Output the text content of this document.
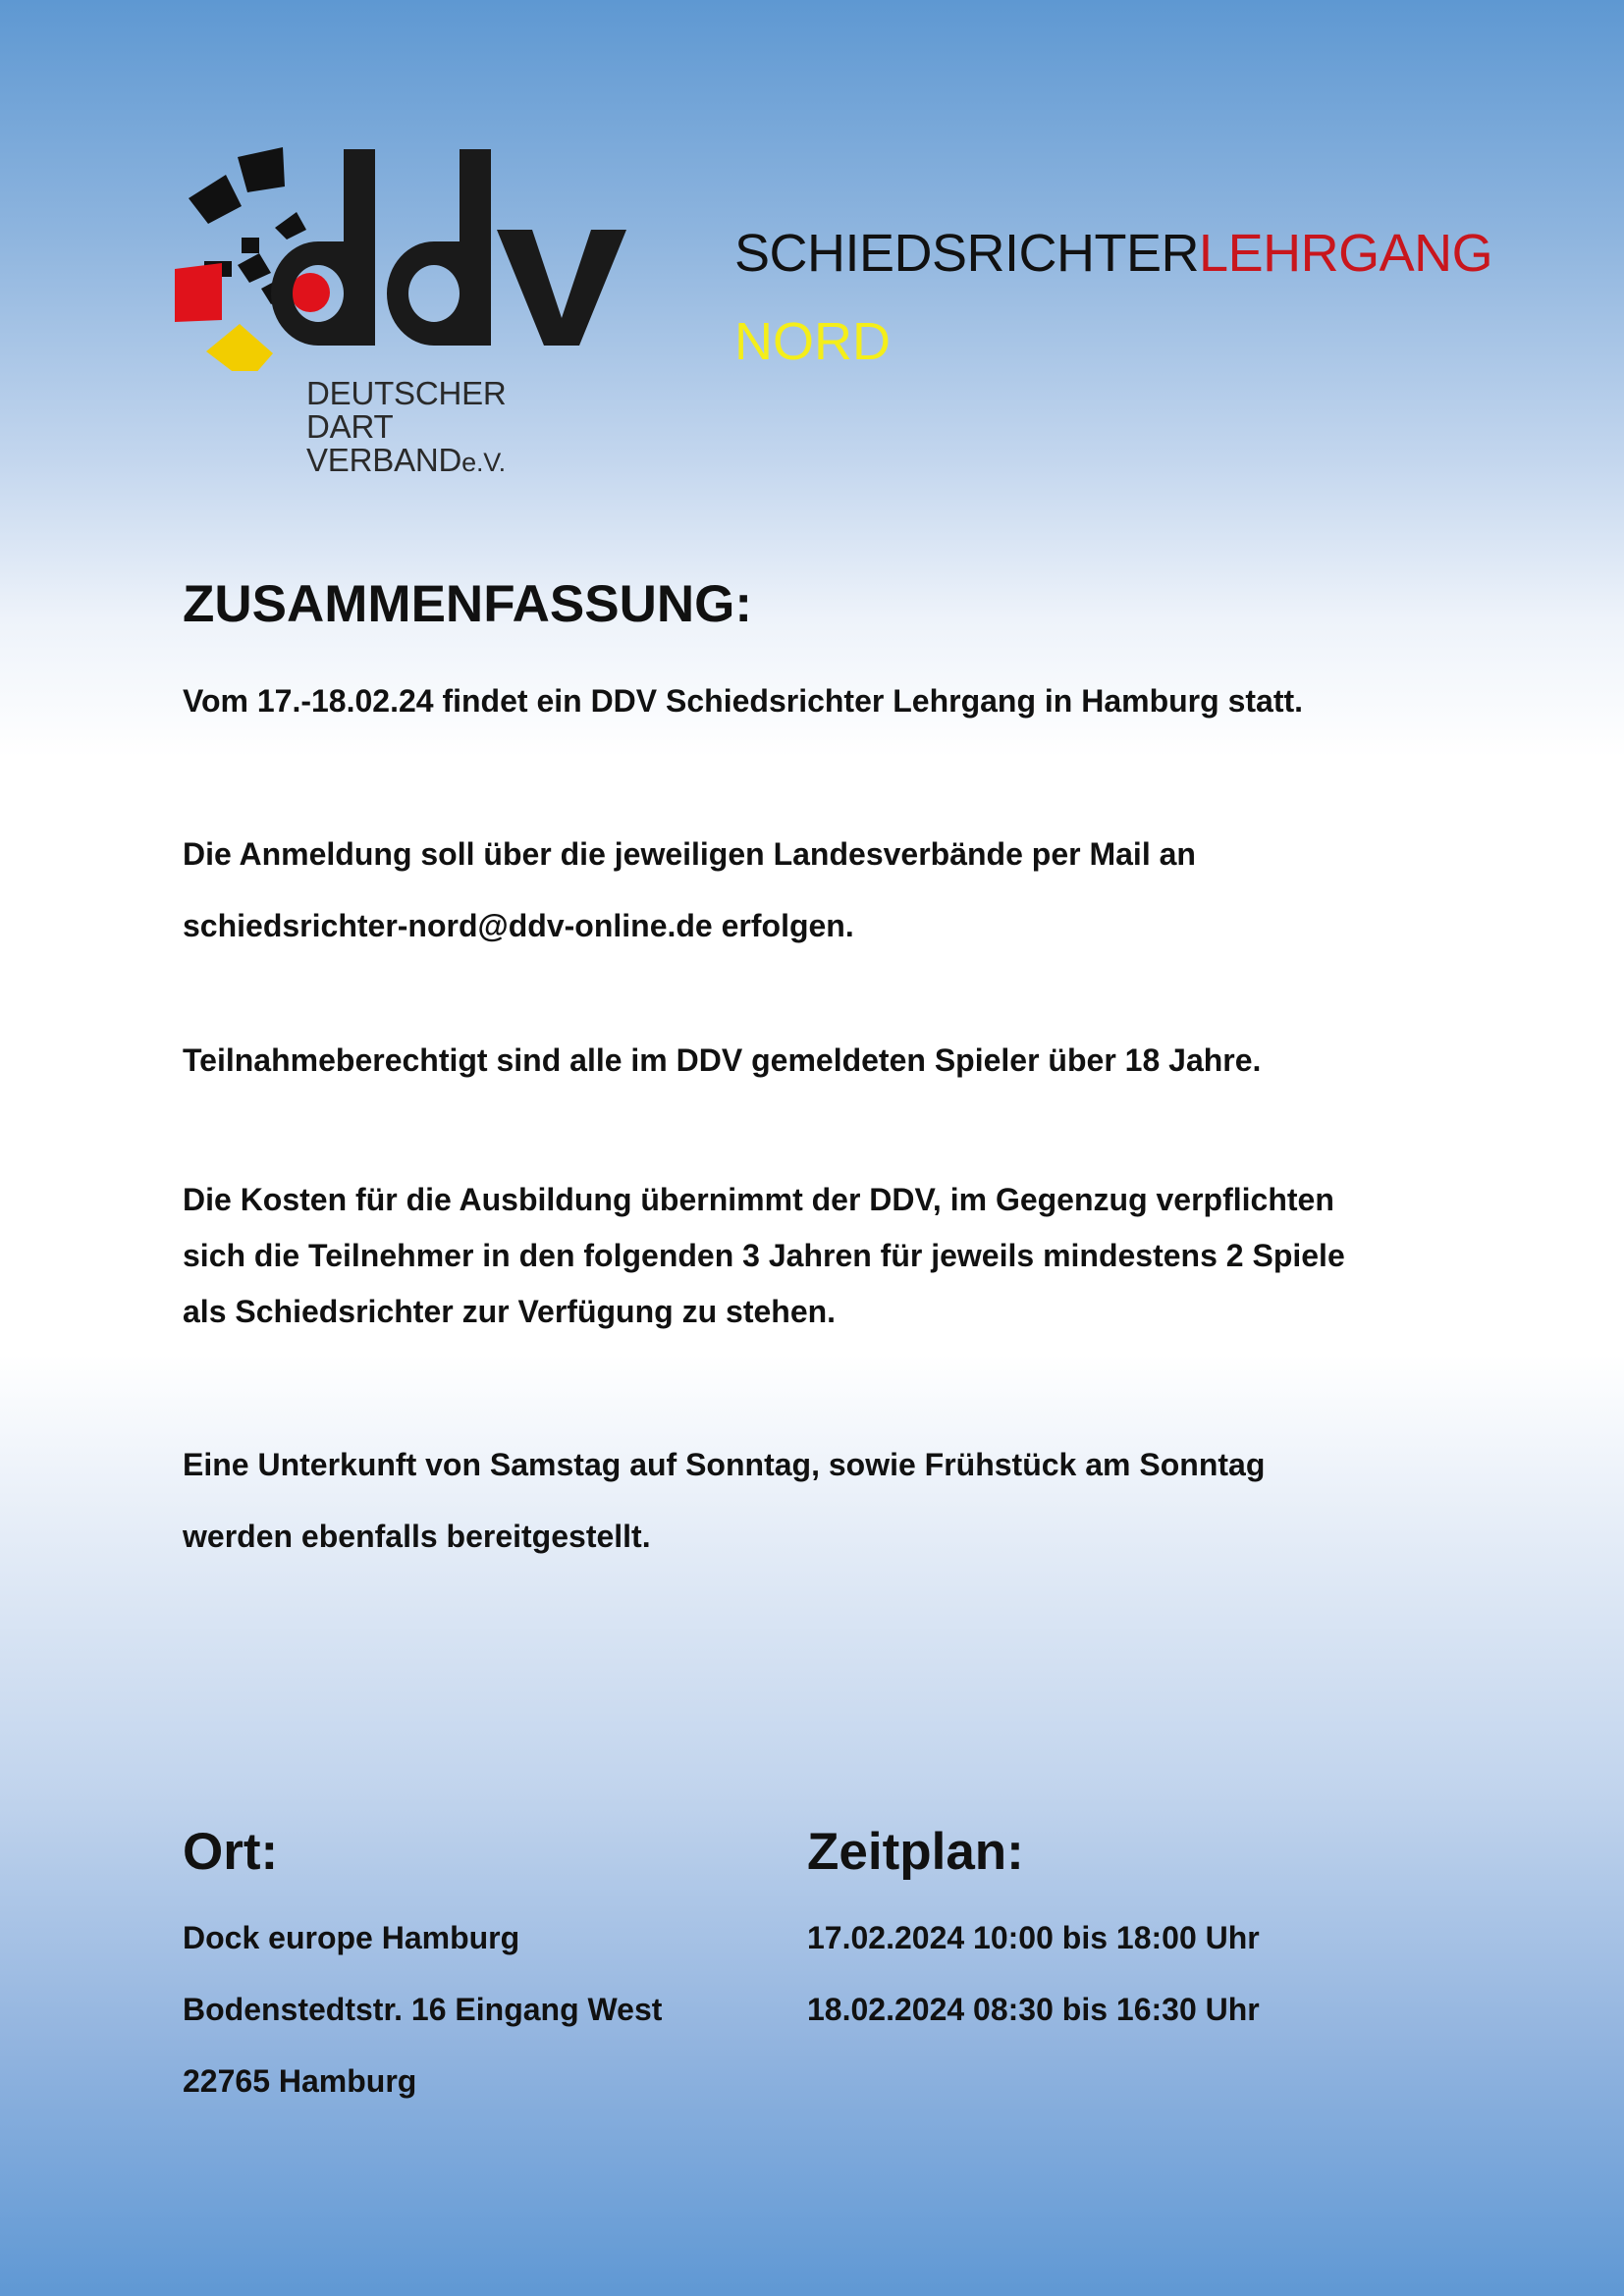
DEUTSCHER
DART
VERBANDe.V.
SCHIEDSRICHTERLEHRGANG
NORD
ZUSAMMENFASSUNG:

Vom 17.-18.02.24 findet ein DDV Schiedsrichter Lehrgang in Hamburg statt.

Die Anmeldung soll über die jeweiligen Landesverbände per Mail an
schiedsrichter-nord@ddv-online.de erfolgen.

Teilnahmeberechtigt sind alle im DDV gemeldeten Spieler über 18 Jahre.

Die Kosten für die Ausbildung übernimmt der DDV, im Gegenzug verpflichten
sich die Teilnehmer in den folgenden 3 Jahren für jeweils mindestens 2 Spiele
als Schiedsrichter zur Verfügung zu stehen.

Eine Unterkunft von Samstag auf Sonntag, sowie Frühstück am Sonntag
werden ebenfalls bereitgestellt.

Ort:
Dock europe Hamburg
Bodenstedtstr. 16 Eingang West
22765 Hamburg
Zeitplan:
17.02.2024 10:00 bis 18:00 Uhr
18.02.2024 08:30 bis 16:30 Uhr
